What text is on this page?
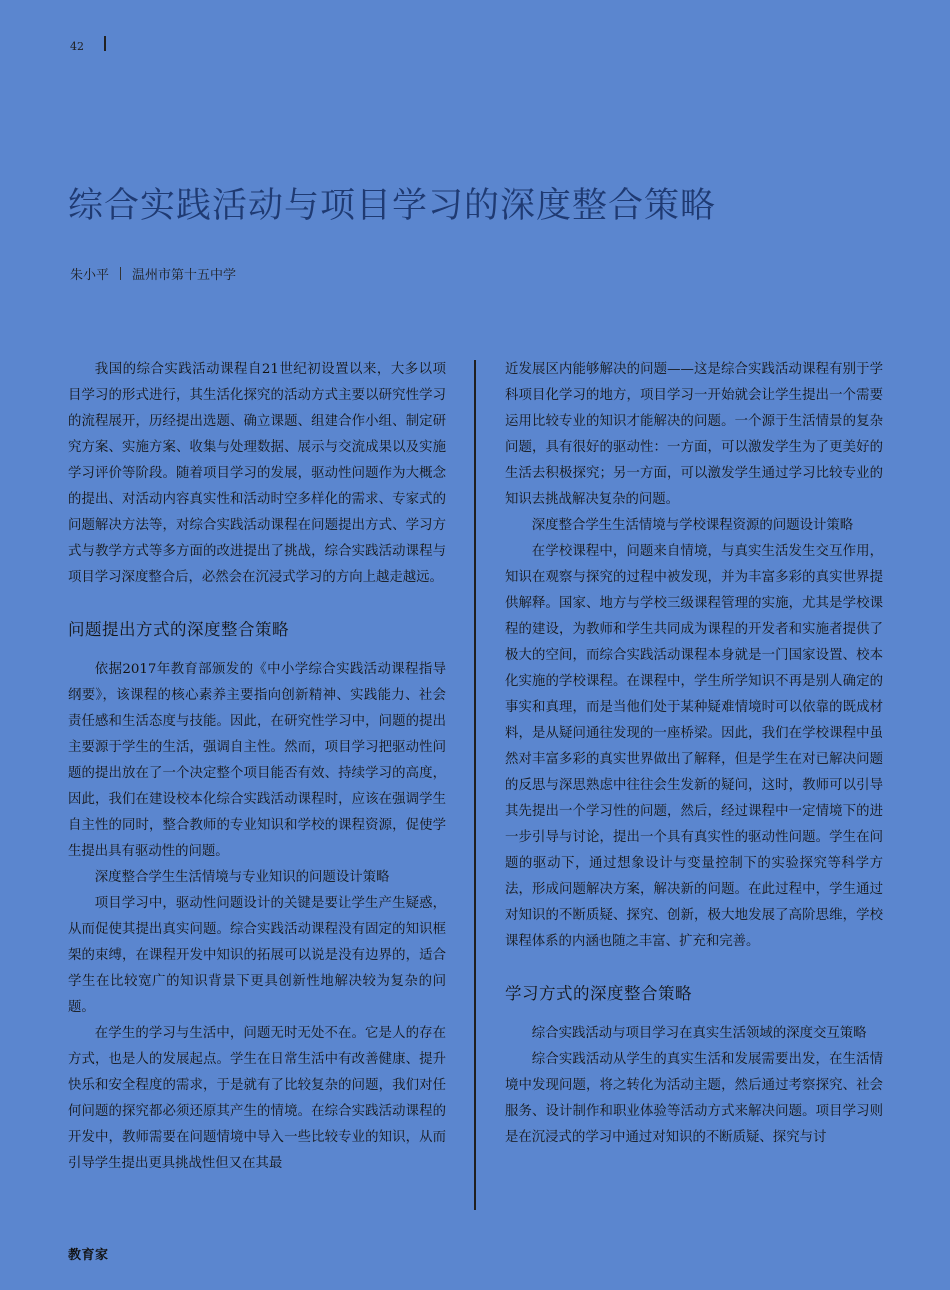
42
综合实践活动与项目学习的深度整合策略
朱小平 温州市第十五中学

我国的综合实践活动课程自21世纪初设置以来，大多以项目学习的形式进行，其生活化探究的活动方式主要以研究性学习的流程展开，历经提出选题、确立课题、组建合作小组、制定研究方案、实施方案、收集与处理数据、展示与交流成果以及实施学习评价等阶段。随着项目学习的发展，驱动性问题作为大概念的提出、对活动内容真实性和活动时空多样化的需求、专家式的问题解决方法等，对综合实践活动课程在问题提出方式、学习方式与教学方式等多方面的改进提出了挑战，综合实践活动课程与项目学习深度整合后，必然会在沉浸式学习的方向上越走越远。

问题提出方式的深度整合策略

依据2017年教育部颁发的《中小学综合实践活动课程指导纲要》，该课程的核心素养主要指向创新精神、实践能力、社会责任感和生活态度与技能。因此，在研究性学习中，问题的提出主要源于学生的生活，强调自主性。然而，项目学习把驱动性问题的提出放在了一个决定整个项目能否有效、持续学习的高度，因此，我们在建设校本化综合实践活动课程时，应该在强调学生自主性的同时，整合教师的专业知识和学校的课程资源，促使学生提出具有驱动性的问题。

深度整合学生生活情境与专业知识的问题设计策略

项目学习中，驱动性问题设计的关键是要让学生产生疑惑，从而促使其提出真实问题。综合实践活动课程没有固定的知识框架的束缚，在课程开发中知识的拓展可以说是没有边界的，适合学生在比较宽广的知识背景下更具创新性地解决较为复杂的问题。

在学生的学习与生活中，问题无时无处不在。它是人的存在方式，也是人的发展起点。学生在日常生活中有改善健康、提升快乐和安全程度的需求，于是就有了比较复杂的问题，我们对任何问题的探究都必须还原其产生的情境。在综合实践活动课程的开发中，教师需要在问题情境中导入一些比较专业的知识，从而引导学生提出更具挑战性但又在其最

近发展区内能够解决的问题——这是综合实践活动课程有别于学科项目化学习的地方，项目学习一开始就会让学生提出一个需要运用比较专业的知识才能解决的问题。一个源于生活情景的复杂问题，具有很好的驱动性：一方面，可以激发学生为了更美好的生活去积极探究；另一方面，可以激发学生通过学习比较专业的知识去挑战解决复杂的问题。

深度整合学生生活情境与学校课程资源的问题设计策略

在学校课程中，问题来自情境，与真实生活发生交互作用，知识在观察与探究的过程中被发现，并为丰富多彩的真实世界提供解释。国家、地方与学校三级课程管理的实施，尤其是学校课程的建设，为教师和学生共同成为课程的开发者和实施者提供了极大的空间，而综合实践活动课程本身就是一门国家设置、校本化实施的学校课程。在课程中，学生所学知识不再是别人确定的事实和真理，而是当他们处于某种疑难情境时可以依靠的既成材料，是从疑问通往发现的一座桥梁。因此，我们在学校课程中虽然对丰富多彩的真实世界做出了解释，但是学生在对已解决问题的反思与深思熟虑中往往会生发新的疑问，这时，教师可以引导其先提出一个学习性的问题，然后，经过课程中一定情境下的进一步引导与讨论，提出一个具有真实性的驱动性问题。学生在问题的驱动下，通过想象设计与变量控制下的实验探究等科学方法，形成问题解决方案，解决新的问题。在此过程中，学生通过对知识的不断质疑、探究、创新，极大地发展了高阶思维，学校课程体系的内涵也随之丰富、扩充和完善。

学习方式的深度整合策略

综合实践活动与项目学习在真实生活领域的深度交互策略

综合实践活动从学生的真实生活和发展需要出发，在生活情境中发现问题，将之转化为活动主题，然后通过考察探究、社会服务、设计制作和职业体验等活动方式来解决问题。项目学习则是在沉浸式的学习中通过对知识的不断质疑、探究与讨

教育家
